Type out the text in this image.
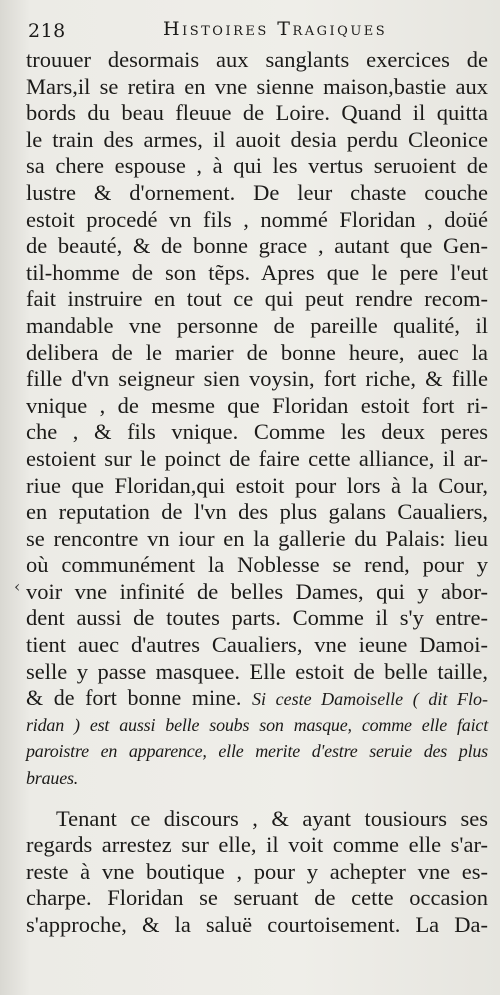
218	Histoires Tragiques
‹
trouuer desormais aux sanglants exercices de
Mars,il se retira en vne sienne maison,bastie aux
bords du beau fleuue de Loire. Quand il quitta
le train des armes, il auoit desia perdu Cleonice
sa chere espouse , à qui les vertus seruoient de
lustre & d'ornement. De leur chaste couche
estoit procedé vn fils , nommé Floridan , doüé
de beauté, & de bonne grace , autant que Gen-
til-homme de son tẽps. Apres que le pere l'eut
fait instruire en tout ce qui peut rendre recom-
mandable vne personne de pareille qualité, il
delibera de le marier de bonne heure, auec la
fille d'vn seigneur sien voysin, fort riche, & fille
vnique , de mesme que Floridan estoit fort ri-
che , & fils vnique. Comme les deux peres
estoient sur le poinct de faire cette alliance, il ar-
riue que Floridan,qui estoit pour lors à la Cour,
en reputation de l'vn des plus galans Caualiers,
se rencontre vn iour en la gallerie du Palais: lieu
où communément la Noblesse se rend, pour y
voir vne infinité de belles Dames, qui y abor-
dent aussi de toutes parts. Comme il s'y entre-
tient auec d'autres Caualiers, vne ieune Damoi-
selle y passe masquee. Elle estoit de belle taille,
& de fort bonne mine. Si ceste Damoiselle ( dit Flo-
ridan ) est aussi belle soubs son masque, comme elle faict
paroistre en apparence, elle merite d'estre seruie des plus
braues.
Tenant ce discours , & ayant tousiours ses
regards arrestez sur elle, il voit comme elle s'ar-
reste à vne boutique , pour y achepter vne es-
charpe. Floridan se seruant de cette occasion
s'approche, & la saluë courtoisement. La Da-
